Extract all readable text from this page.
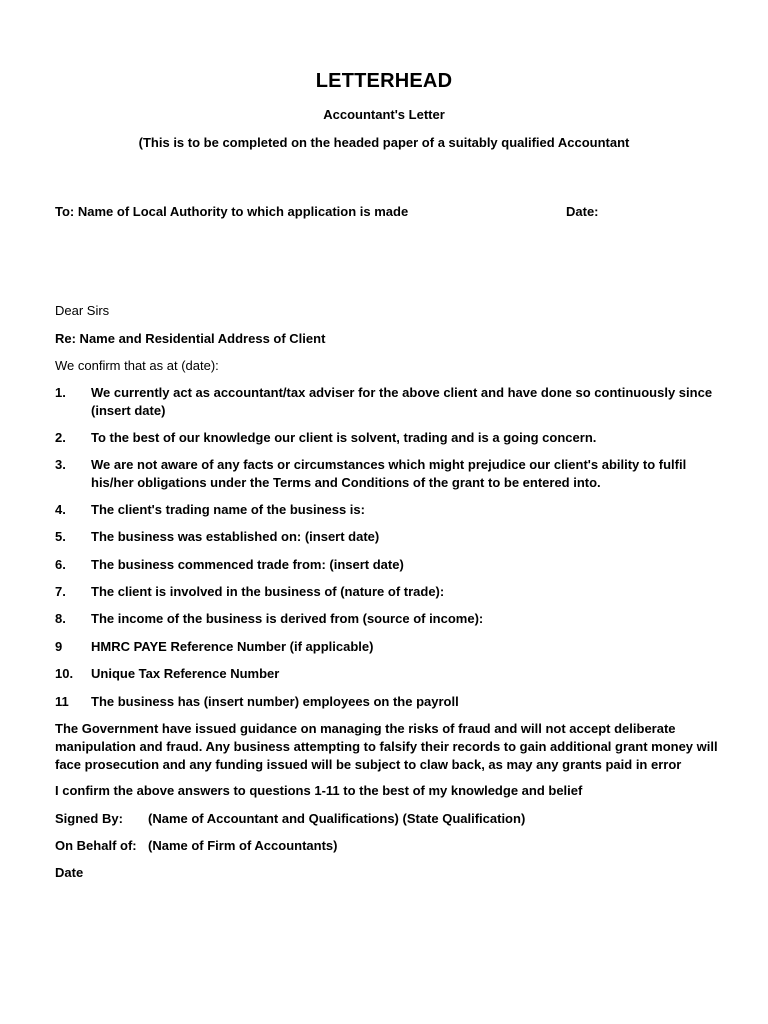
LETTERHEAD
Accountant's Letter
(This is to be completed on the headed paper of a suitably qualified Accountant
To: Name of Local Authority to which application is made	Date:
Dear Sirs
Re: Name and Residential Address of Client
We confirm that as at (date):
1.	We currently act as accountant/tax adviser for the above client and have done so continuously since (insert date)
2.	To the best of our knowledge our client is solvent, trading and is a going concern.
3.	We are not aware of any facts or circumstances which might prejudice our client's ability to fulfil his/her obligations under the Terms and Conditions of the grant to be entered into.
4.	The client's trading name of the business is:
5.	The business was established on: (insert date)
6.	The business commenced trade from: (insert date)
7.	The client is involved in the business of (nature of trade):
8.	The income of the business is derived from (source of income):
9	HMRC PAYE Reference Number (if applicable)
10.	Unique Tax Reference Number
11	The business has (insert number) employees on the payroll
The Government have issued guidance on managing the risks of fraud and will not accept deliberate manipulation and fraud. Any business attempting to falsify their records to gain additional grant money will face prosecution and any funding issued will be subject to claw back, as may any grants paid in error
I confirm the above answers to questions 1-11 to the best of my knowledge and belief
Signed By: (Name of Accountant and Qualifications) (State Qualification)
On Behalf of: (Name of Firm of Accountants)
Date
